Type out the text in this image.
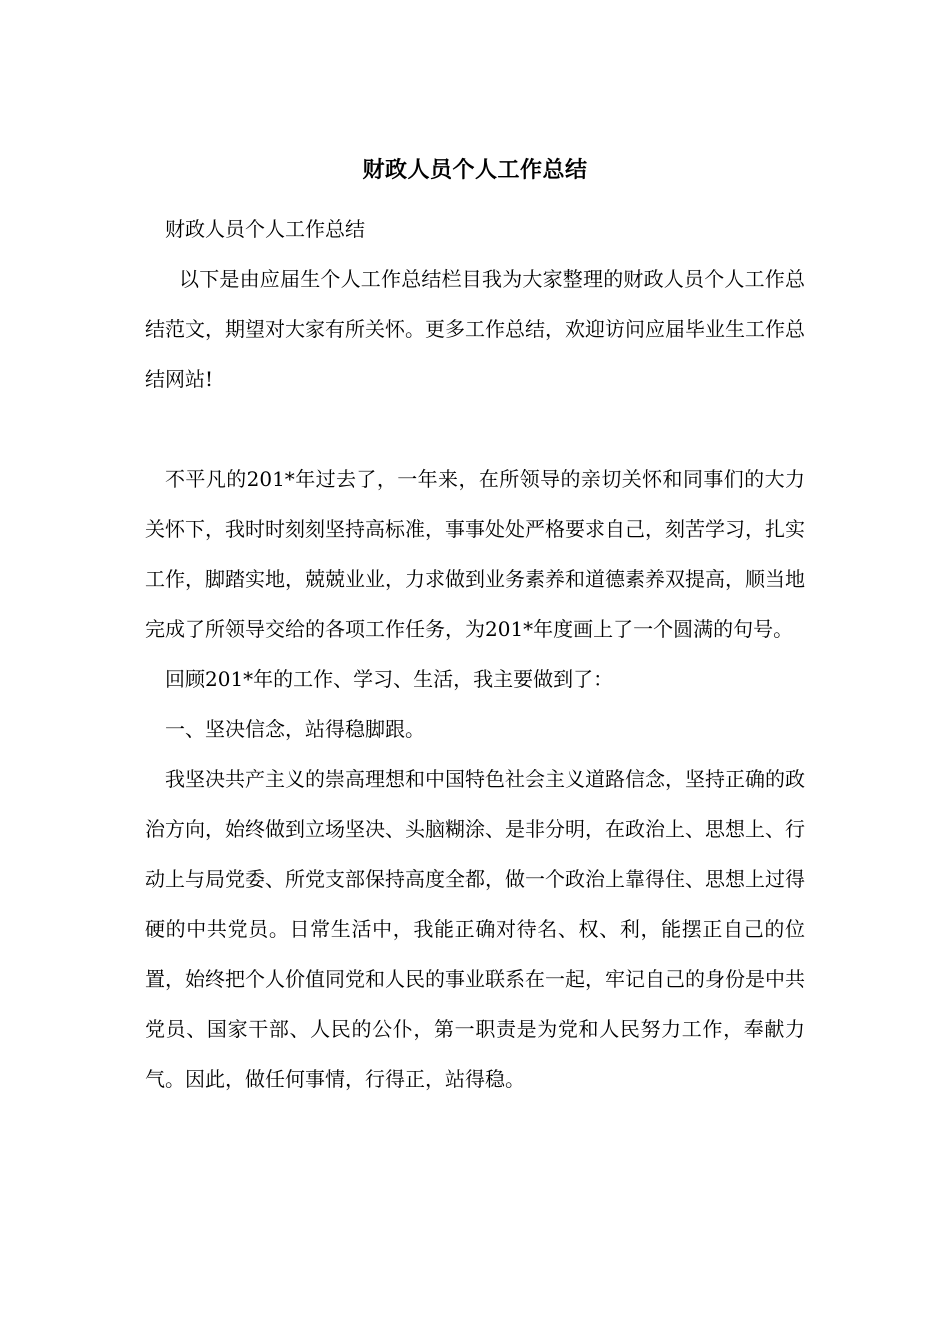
财政人员个人工作总结

财政人员个人工作总结

以下是由应届生个人工作总结栏目我为大家整理的财政人员个人工作总结范文，期望对大家有所关怀。更多工作总结，欢迎访问应届毕业生工作总结网站!

不平凡的201*年过去了，一年来，在所领导的亲切关怀和同事们的大力关怀下，我时时刻刻坚持高标准，事事处处严格要求自己，刻苦学习，扎实工作，脚踏实地，兢兢业业，力求做到业务素养和道德素养双提高，顺当地完成了所领导交给的各项工作任务，为201*年度画上了一个圆满的句号。

回顾201*年的工作、学习、生活，我主要做到了：

一、坚决信念，站得稳脚跟。

我坚决共产主义的崇高理想和中国特色社会主义道路信念，坚持正确的政治方向，始终做到立场坚决、头脑糊涂、是非分明，在政治上、思想上、行动上与局党委、所党支部保持高度全都，做一个政治上靠得住、思想上过得硬的中共党员。日常生活中，我能正确对待名、权、利，能摆正自己的位置，始终把个人价值同党和人民的事业联系在一起，牢记自己的身份是中共党员、国家干部、人民的公仆，第一职责是为党和人民努力工作，奉献力气。因此，做任何事情，行得正，站得稳。
